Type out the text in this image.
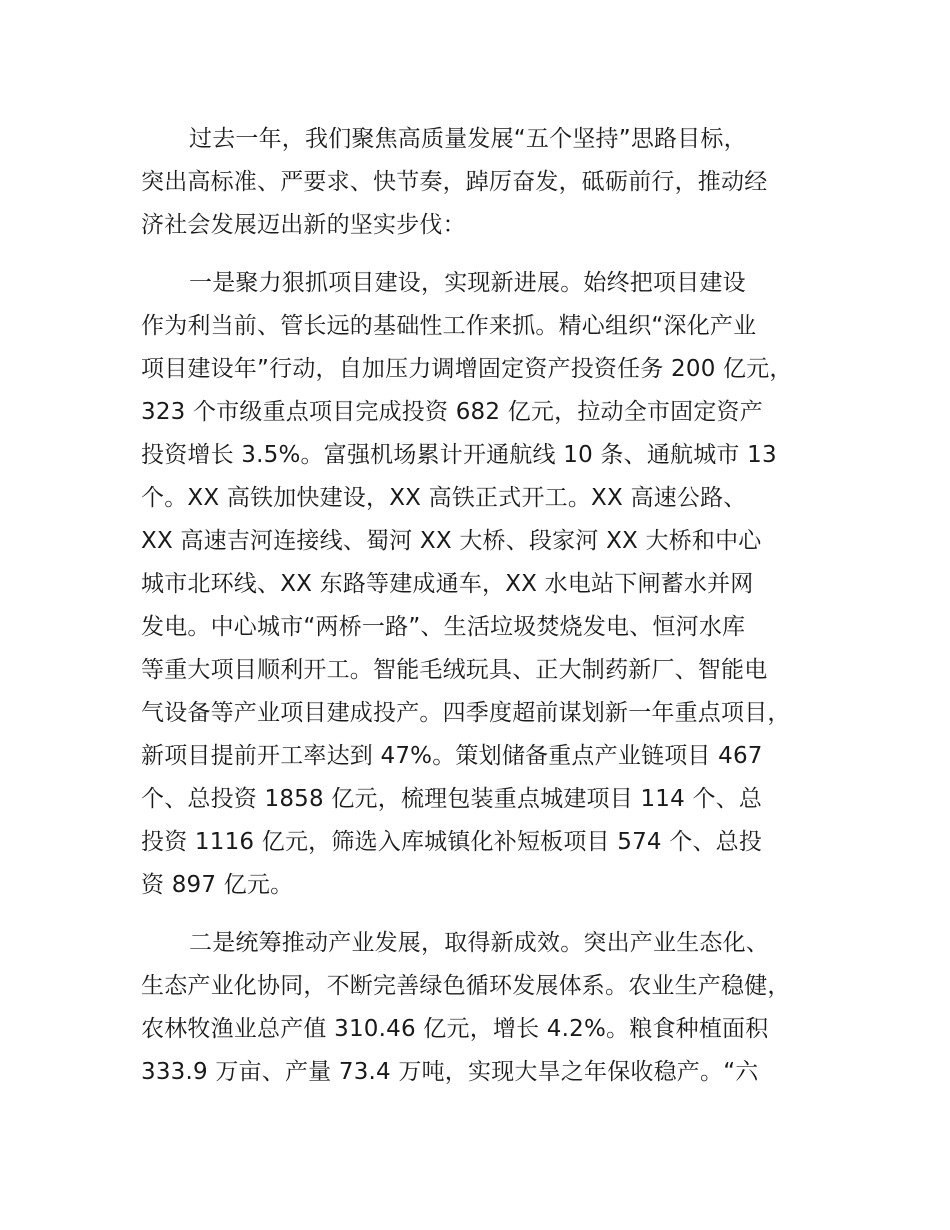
过去一年，我们聚焦高质量发展“五个坚持”思路目标，
突出高标准、严要求、快节奏，踔厉奋发，砥砺前行，推动经
济社会发展迈出新的坚实步伐：
一是聚力狠抓项目建设，实现新进展。始终把项目建设
作为利当前、管长远的基础性工作来抓。精心组织“深化产业
项目建设年”行动，自加压力调增固定资产投资任务 200 亿元，
323 个市级重点项目完成投资 682 亿元，拉动全市固定资产
投资增长 3.5%。富强机场累计开通航线 10 条、通航城市 13
个。XX 高铁加快建设，XX 高铁正式开工。XX 高速公路、
XX 高速吉河连接线、蜀河 XX 大桥、段家河 XX 大桥和中心
城市北环线、XX 东路等建成通车，XX 水电站下闸蓄水并网
发电。中心城市“两桥一路”、生活垃圾焚烧发电、恒河水库
等重大项目顺利开工。智能毛绒玩具、正大制药新厂、智能电
气设备等产业项目建成投产。四季度超前谋划新一年重点项目，
新项目提前开工率达到 47%。策划储备重点产业链项目 467
个、总投资 1858 亿元，梳理包装重点城建项目 114 个、总
投资 1116 亿元，筛选入库城镇化补短板项目 574 个、总投
资 897 亿元。
二是统筹推动产业发展，取得新成效。突出产业生态化、
生态产业化协同，不断完善绿色循环发展体系。农业生产稳健，
农林牧渔业总产值 310.46 亿元，增长 4.2%。粮食种植面积
333.9 万亩、产量 73.4 万吨，实现大旱之年保收稳产。“六
